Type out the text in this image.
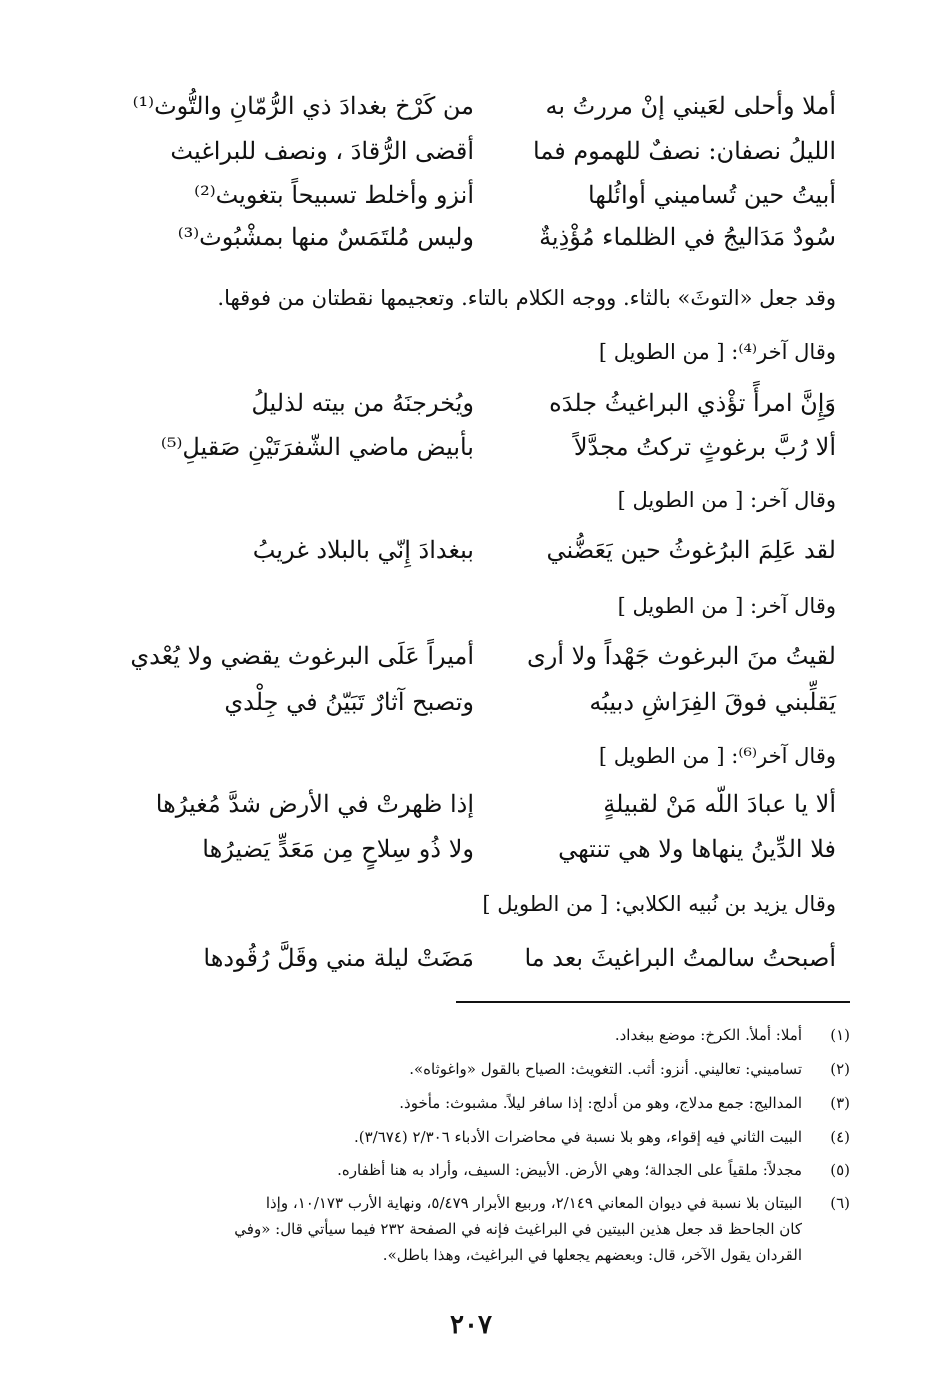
أملا وأحلى لعَيني إنْ مررتُ به
من كَرْخ بغدادَ ذي الرُّمّانِ والتُّوث⁽¹⁾
الليلُ نصفان: نصفٌ للهموم فما
أقضى الرُّقادَ ، ونصف للبراغيث
أبيتُ حين تُساميني أوائُلها
أنزو وأخلط تسبيحاً بتغويث⁽²⁾
سُودٌ مَدَاليجُ في الظلماء مُؤْذِيةٌ
وليس مُلتَمَسٌ منها بمشْبُوث⁽³⁾
وقد جعل «التوثَ» بالثاء. ووجه الكلام بالتاء. وتعجيمها نقطتان من فوقها.
وقال آخر⁽⁴⁾: [ من الطويل ]
وَإِنَّ امرأً تؤْذي البراغيثُ جلدَه
ويُخرجنَهُ من بيته لذليلُ
ألا رُبَّ برغوثٍ تركتُ مجدَّلاً
بأبيض ماضي الشّفرَتَيْنِ صَقيلِ⁽⁵⁾
وقال آخر: [ من الطويل ]
لقد عَلِمَ البرُغوثُ حين يَعَضُّني
ببغدادَ إِنّي بالبلاد غريبُ
وقال آخر: [ من الطويل ]
لقيتُ منَ البرغوث جَهْداً ولا أرى
أميراً عَلَى البرغوث يقضي ولا يُعْدي
يَقلِّبني فوقَ الفِرَاشِ دبيبُه
وتصبح آثارٌ تَبَيّنُ في جِلْدي
وقال آخر⁽⁶⁾: [ من الطويل ]
ألا يا عبادَ اللّه مَنْ لقبيلةٍ
إذا ظهرتْ في الأرض شدَّ مُغيرُها
فلا الدِّينُ ينهاها ولا هي تنتهي
ولا ذُو سِلاحٍ مِن مَعَدٍّ يَضيرُها
وقال يزيد بن نُبيه الكلابي: [ من الطويل ]
أصبحتُ سالمتُ البراغيثَ بعد ما
مَضَتْ ليلة مني وقَلَّ رُقُودها
(١)أملا: أملأ. الكرخ: موضع ببغداد.
(٢)تساميني: تعاليني. أنزو: أثب. التغويث: الصياح بالقول «واغوثاه».
(٣)المداليج: جمع مدلاج، وهو من أدلج: إذا سافر ليلاً. مشبوث: مأخوذ.
(٤)البيت الثاني فيه إقواء، وهو بلا نسبة في محاضرات الأدباء ٢/٣٠٦ (٣/٦٧٤).
(٥)مجدلاً: ملقياً على الجدالة؛ وهي الأرض. الأبيض: السيف، وأراد به هنا أظفاره.
(٦)البيتان بلا نسبة في ديوان المعاني ٢/١٤٩، وربيع الأبرار ٥/٤٧٩، ونهاية الأرب ١٠/١٧٣، وإذا
كان الجاحظ قد جعل هذين البيتين في البراغيث فإنه في الصفحة ٢٣٢ فيما سيأتي قال: «وفي
القردان يقول الآخر، قال: وبعضهم يجعلها في البراغيث، وهذا باطل».
٢٠٧
